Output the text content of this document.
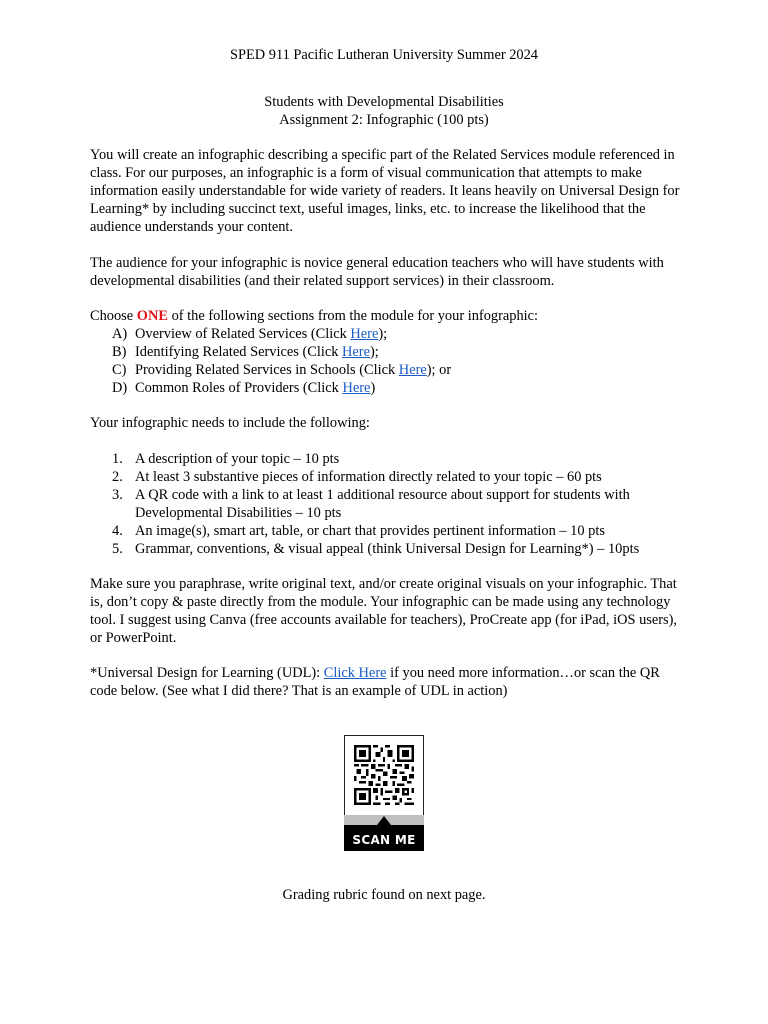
SPED 911 Pacific Lutheran University Summer 2024
Students with Developmental Disabilities
Assignment 2: Infographic (100 pts)

You will create an infographic describing a specific part of the Related Services module referenced in class. For our purposes, an infographic is a form of visual communication that attempts to make information easily understandable for wide variety of readers. It leans heavily on Universal Design for Learning* by including succinct text, useful images, links, etc. to increase the likelihood that the audience understands your content.

The audience for your infographic is novice general education teachers who will have students with developmental disabilities (and their related support services) in their classroom.

Choose ONE of the following sections from the module for your infographic:

A) Overview of Related Services (Click Here);
B) Identifying Related Services (Click Here);
C) Providing Related Services in Schools (Click Here); or
D) Common Roles of Providers (Click Here)

Your infographic needs to include the following:

1. A description of your topic – 10 pts
2. At least 3 substantive pieces of information directly related to your topic – 60 pts
3. A QR code with a link to at least 1 additional resource about support for students with Developmental Disabilities – 10 pts
4. An image(s), smart art, table, or chart that provides pertinent information – 10 pts
5. Grammar, conventions, & visual appeal (think Universal Design for Learning*) – 10pts

Make sure you paraphrase, write original text, and/or create original visuals on your infographic. That is, don’t copy & paste directly from the module. Your infographic can be made using any technology tool. I suggest using Canva (free accounts available for teachers), ProCreate app (for iPad, iOS users), or PowerPoint.

*Universal Design for Learning (UDL): Click Here if you need more information…or scan the QR code below. (See what I did there? That is an example of UDL in action)

SCAN ME
Grading rubric found on next page.
